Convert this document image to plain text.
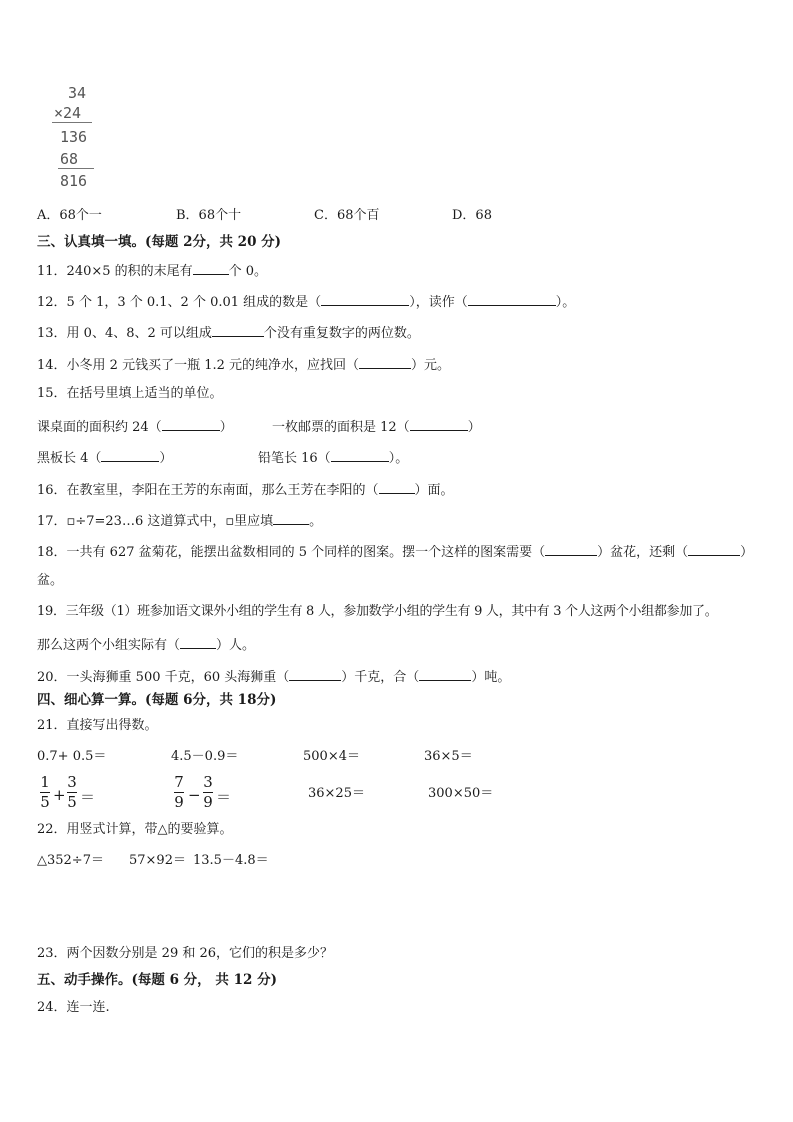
34
×24
136
68
816
A．68个一	B．68个十	C．68个百	D．68
三、认真填一填。(每题 2分，共 20 分)
11．240×5 的积的末尾有	个 0。
12．5 个 1，3 个 0.1、2 个 0.01 组成的数是（	），读作（	）。
13．用 0、4、8、2 可以组成	个没有重复数字的两位数。
14．小冬用 2 元钱买了一瓶 1.2 元的纯净水，应找回（	）元。
15．在括号里填上适当的单位。
课桌面的面积约 24（	）	一枚邮票的面积是 12（	）
黑板长 4（	）	铅笔长 16（	）。
16．在教室里，李阳在王芳的东南面，那么王芳在李阳的（	）面。
17．▫÷7=23…6 这道算式中，▫里应填	。
18．一共有 627 盆菊花，能摆出盆数相同的 5 个同样的图案。摆一个这样的图案需要（	）盆花，还剩（	）
盆。
19．三年级（1）班参加语文课外小组的学生有 8 人，参加数学小组的学生有 9 人，其中有 3 个人这两个小组都参加了。
那么这两个小组实际有（	）人。
20．一头海狮重 500 千克，60 头海狮重（	）千克，合（	）吨。
四、细心算一算。(每题 6分，共 18分)
21．直接写出得数。
0.7+ 0.5＝	4.5－0.9＝	500×4＝	36×5＝
1
5 +
3
5 ＝
7
9 −
3
9 ＝	36×25＝	300×50＝
22．用竖式计算，带△的要验算。
△352÷7＝ 57×92＝ 13.5－4.8＝
23．两个因数分别是 29 和 26，它们的积是多少？
五、动手操作。(每题 6 分， 共 12 分)
24．连一连.
